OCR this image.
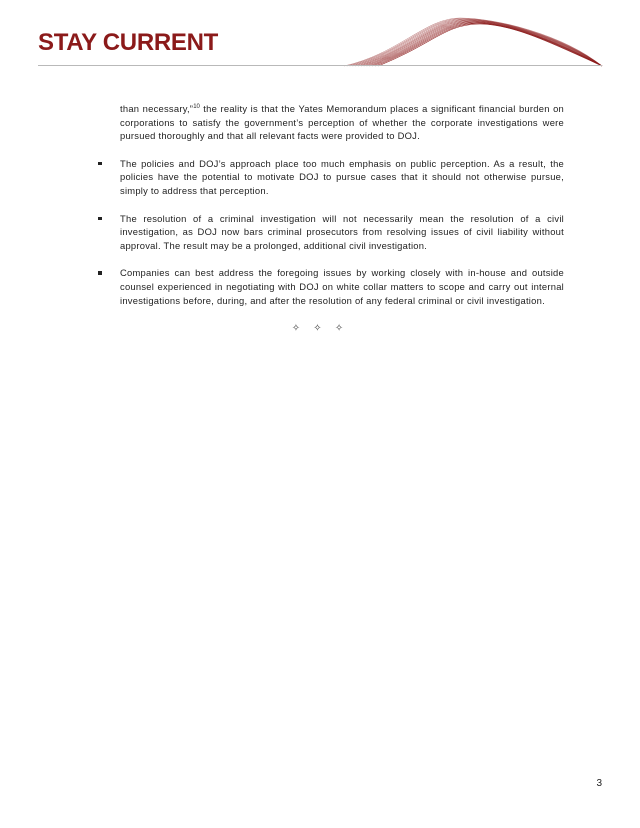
STAY CURRENT

than necessary,”$^{10}$ the reality is that the Yates Memorandum places a significant financial burden on corporations to satisfy the government’s perception of whether the corporate investigations were pursued thoroughly and that all relevant facts were provided to DOJ.

The policies and DOJ’s approach place too much emphasis on public perception. As a result, the policies have the potential to motivate DOJ to pursue cases that it should not otherwise pursue, simply to address that perception.
The resolution of a criminal investigation will not necessarily mean the resolution of a civil investigation, as DOJ now bars criminal prosecutors from resolving issues of civil liability without approval. The result may be a prolonged, additional civil investigation.
Companies can best address the foregoing issues by working closely with in-house and outside counsel experienced in negotiating with DOJ on white collar matters to scope and carry out internal investigations before, during, and after the resolution of any federal criminal or civil investigation.
✧ ✧ ✧
3
